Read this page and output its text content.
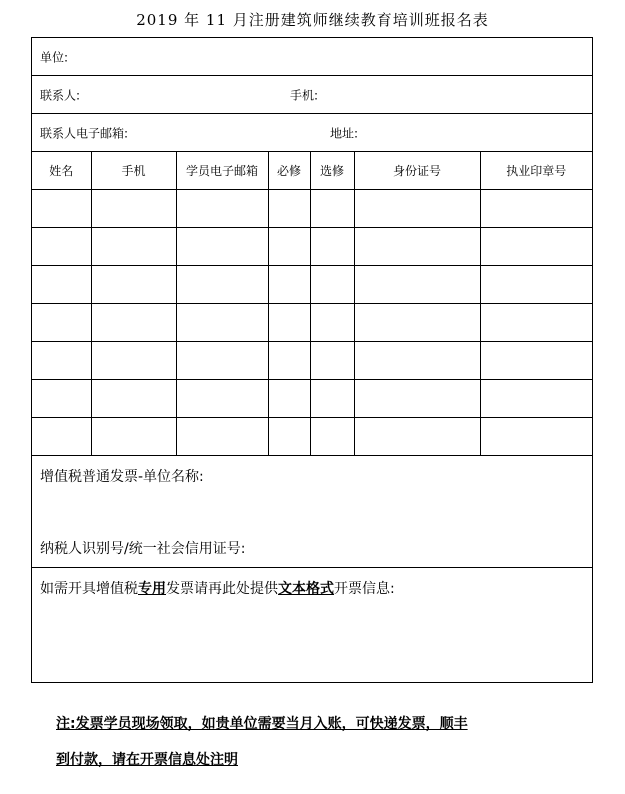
2019 年 11 月注册建筑师继续教育培训班报名表
单位:
联系人:	手机:
联系人电子邮箱:	地址:
姓名	手机	学员电子邮箱	必修	选修	身份证号	执业印章号

增值税普通发票-单位名称:
纳税人识别号/统一社会信用证号:
如需开具增值税专用发票请再此处提供文本格式开票信息:
注:发票学员现场领取，如贵单位需要当月入账，可快递发票，顺丰
到付款，请在开票信息处注明
